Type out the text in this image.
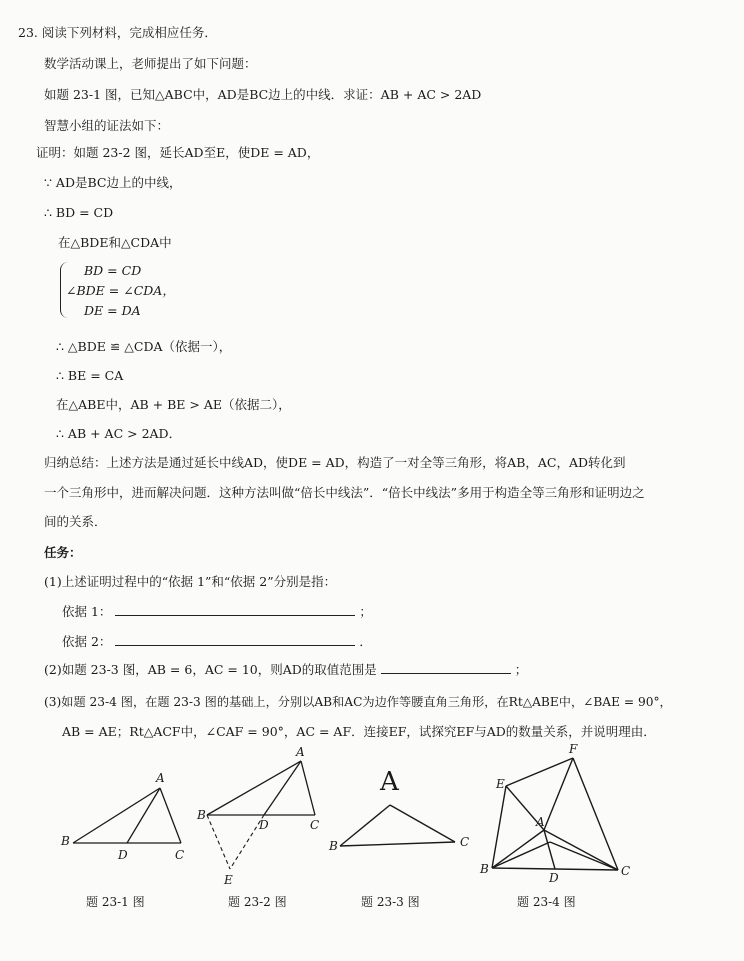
23. 阅读下列材料，完成相应任务．
数学活动课上，老师提出了如下问题：
如题 23-1 图，已知△ABC中，AD是BC边上的中线．求证：AB + AC > 2AD
智慧小组的证法如下：
证明：如题 23-2 图，延长AD至E，使DE = AD，
∵ AD是BC边上的中线，
∴ BD = CD
在△BDE和△CDA中
BD = CD
∠BDE = ∠CDA，
DE = DA
∴ △BDE ≌ △CDA（依据一），
∴ BE = CA
在△ABE中，AB + BE > AE（依据二），
∴ AB + AC > 2AD．
归纳总结：上述方法是通过延长中线AD，使DE = AD，构造了一对全等三角形，将AB，AC，AD转化到
一个三角形中，进而解决问题．这种方法叫做“倍长中线法”．“倍长中线法”多用于构造全等三角形和证明边之
间的关系．
任务：
(1)上述证明过程中的“依据 1”和“依据 2”分别是指：
依据 1：	；
依据 2：	．
(2)如题 23-3 图，AB = 6，AC = 10，则AD的取值范围是	；
(3)如题 23-4 图，在题 23-3 图的基础上，分别以AB和AC为边作等腰直角三角形，在Rt△ABE中，∠BAE = 90°，
AB = AE；Rt△ACF中，∠CAF = 90°，AC = AF．连接EF，试探究EF与AD的数量关系，并说明理由．
A
B
D	C
A
B
D	C
E
A
B	C
F
E
A
B
D	C
题 23-1 图	题 23-2 图	题 23-3 图	题 23-4 图
